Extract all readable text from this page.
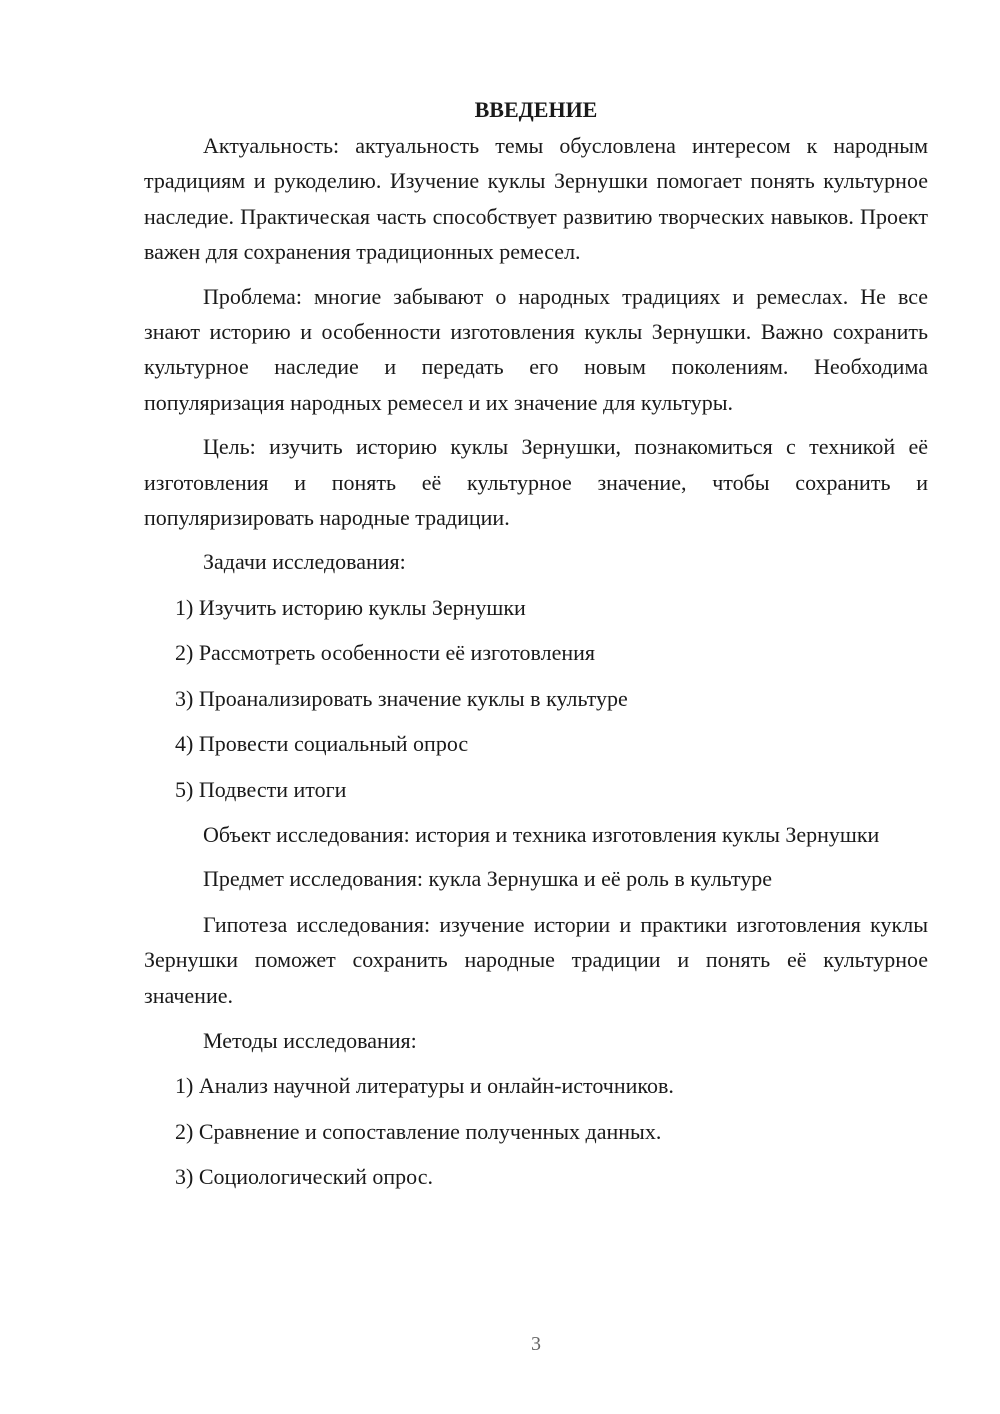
ВВЕДЕНИЕ

Актуальность: актуальность темы обусловлена интересом к народным традициям и рукоделию. Изучение куклы Зернушки помогает понять культурное наследие. Практическая часть способствует развитию творческих навыков. Проект важен для сохранения традиционных ремесел.

Проблема: многие забывают о народных традициях и ремеслах. Не все знают историю и особенности изготовления куклы Зернушки. Важно сохранить культурное наследие и передать его новым поколениям. Необходима популяризация народных ремесел и их значение для культуры.

Цель: изучить историю куклы Зернушки, познакомиться с техникой её изготовления и понять её культурное значение, чтобы сохранить и популяризировать народные традиции.

Задачи исследования:

1) Изучить историю куклы Зернушки

2) Рассмотреть особенности её изготовления

3) Проанализировать значение куклы в культуре

4) Провести социальный опрос

5) Подвести итоги

Объект исследования: история и техника изготовления куклы Зернушки

Предмет исследования: кукла Зернушка и её роль в культуре

Гипотеза исследования: изучение истории и практики изготовления куклы Зернушки поможет сохранить народные традиции и понять её культурное значение.

Методы исследования:

1) Анализ научной литературы и онлайн-источников.

2) Сравнение и сопоставление полученных данных.

3) Социологический опрос.

3
